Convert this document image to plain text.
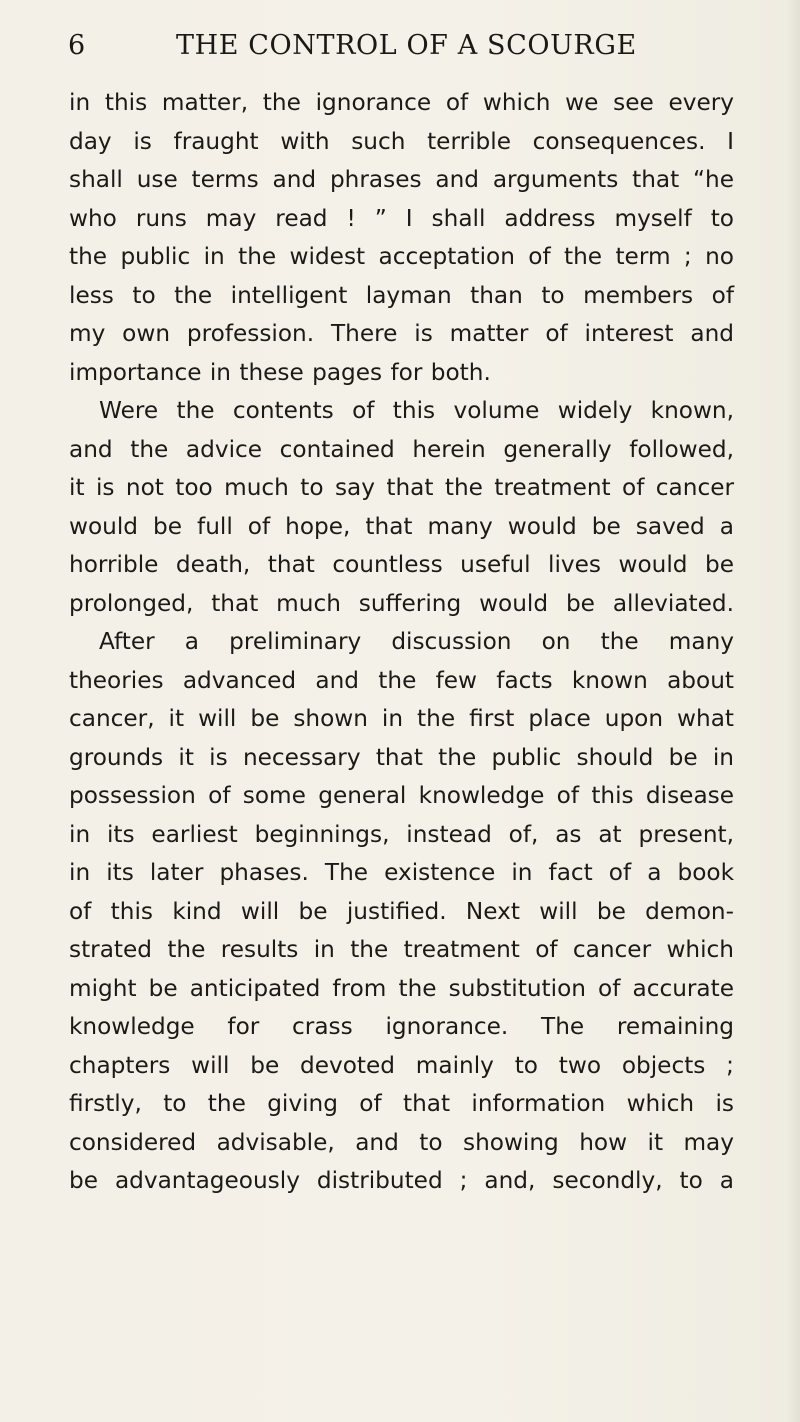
6	THE CONTROL OF A SCOURGE
in this matter, the ignorance of which we see every
day is fraught with such terrible consequences. I
shall use terms and phrases and arguments that “he
who runs may read ! ” I shall address myself to
the public in the widest acceptation of the term ; no
less to the intelligent layman than to members of
my own profession. There is matter of interest and
importance in these pages for both.
Were the contents of this volume widely known,
and the advice contained herein generally followed,
it is not too much to say that the treatment of cancer
would be full of hope, that many would be saved a
horrible death, that countless useful lives would be
prolonged, that much suffering would be alleviated.
After a preliminary discussion on the many
theories advanced and the few facts known about
cancer, it will be shown in the first place upon what
grounds it is necessary that the public should be in
possession of some general knowledge of this disease
in its earliest beginnings, instead of, as at present,
in its later phases. The existence in fact of a book
of this kind will be justified. Next will be demon-
strated the results in the treatment of cancer which
might be anticipated from the substitution of accurate
knowledge for crass ignorance. The remaining
chapters will be devoted mainly to two objects ;
firstly, to the giving of that information which is
considered advisable, and to showing how it may
be advantageously distributed ; and, secondly, to a
